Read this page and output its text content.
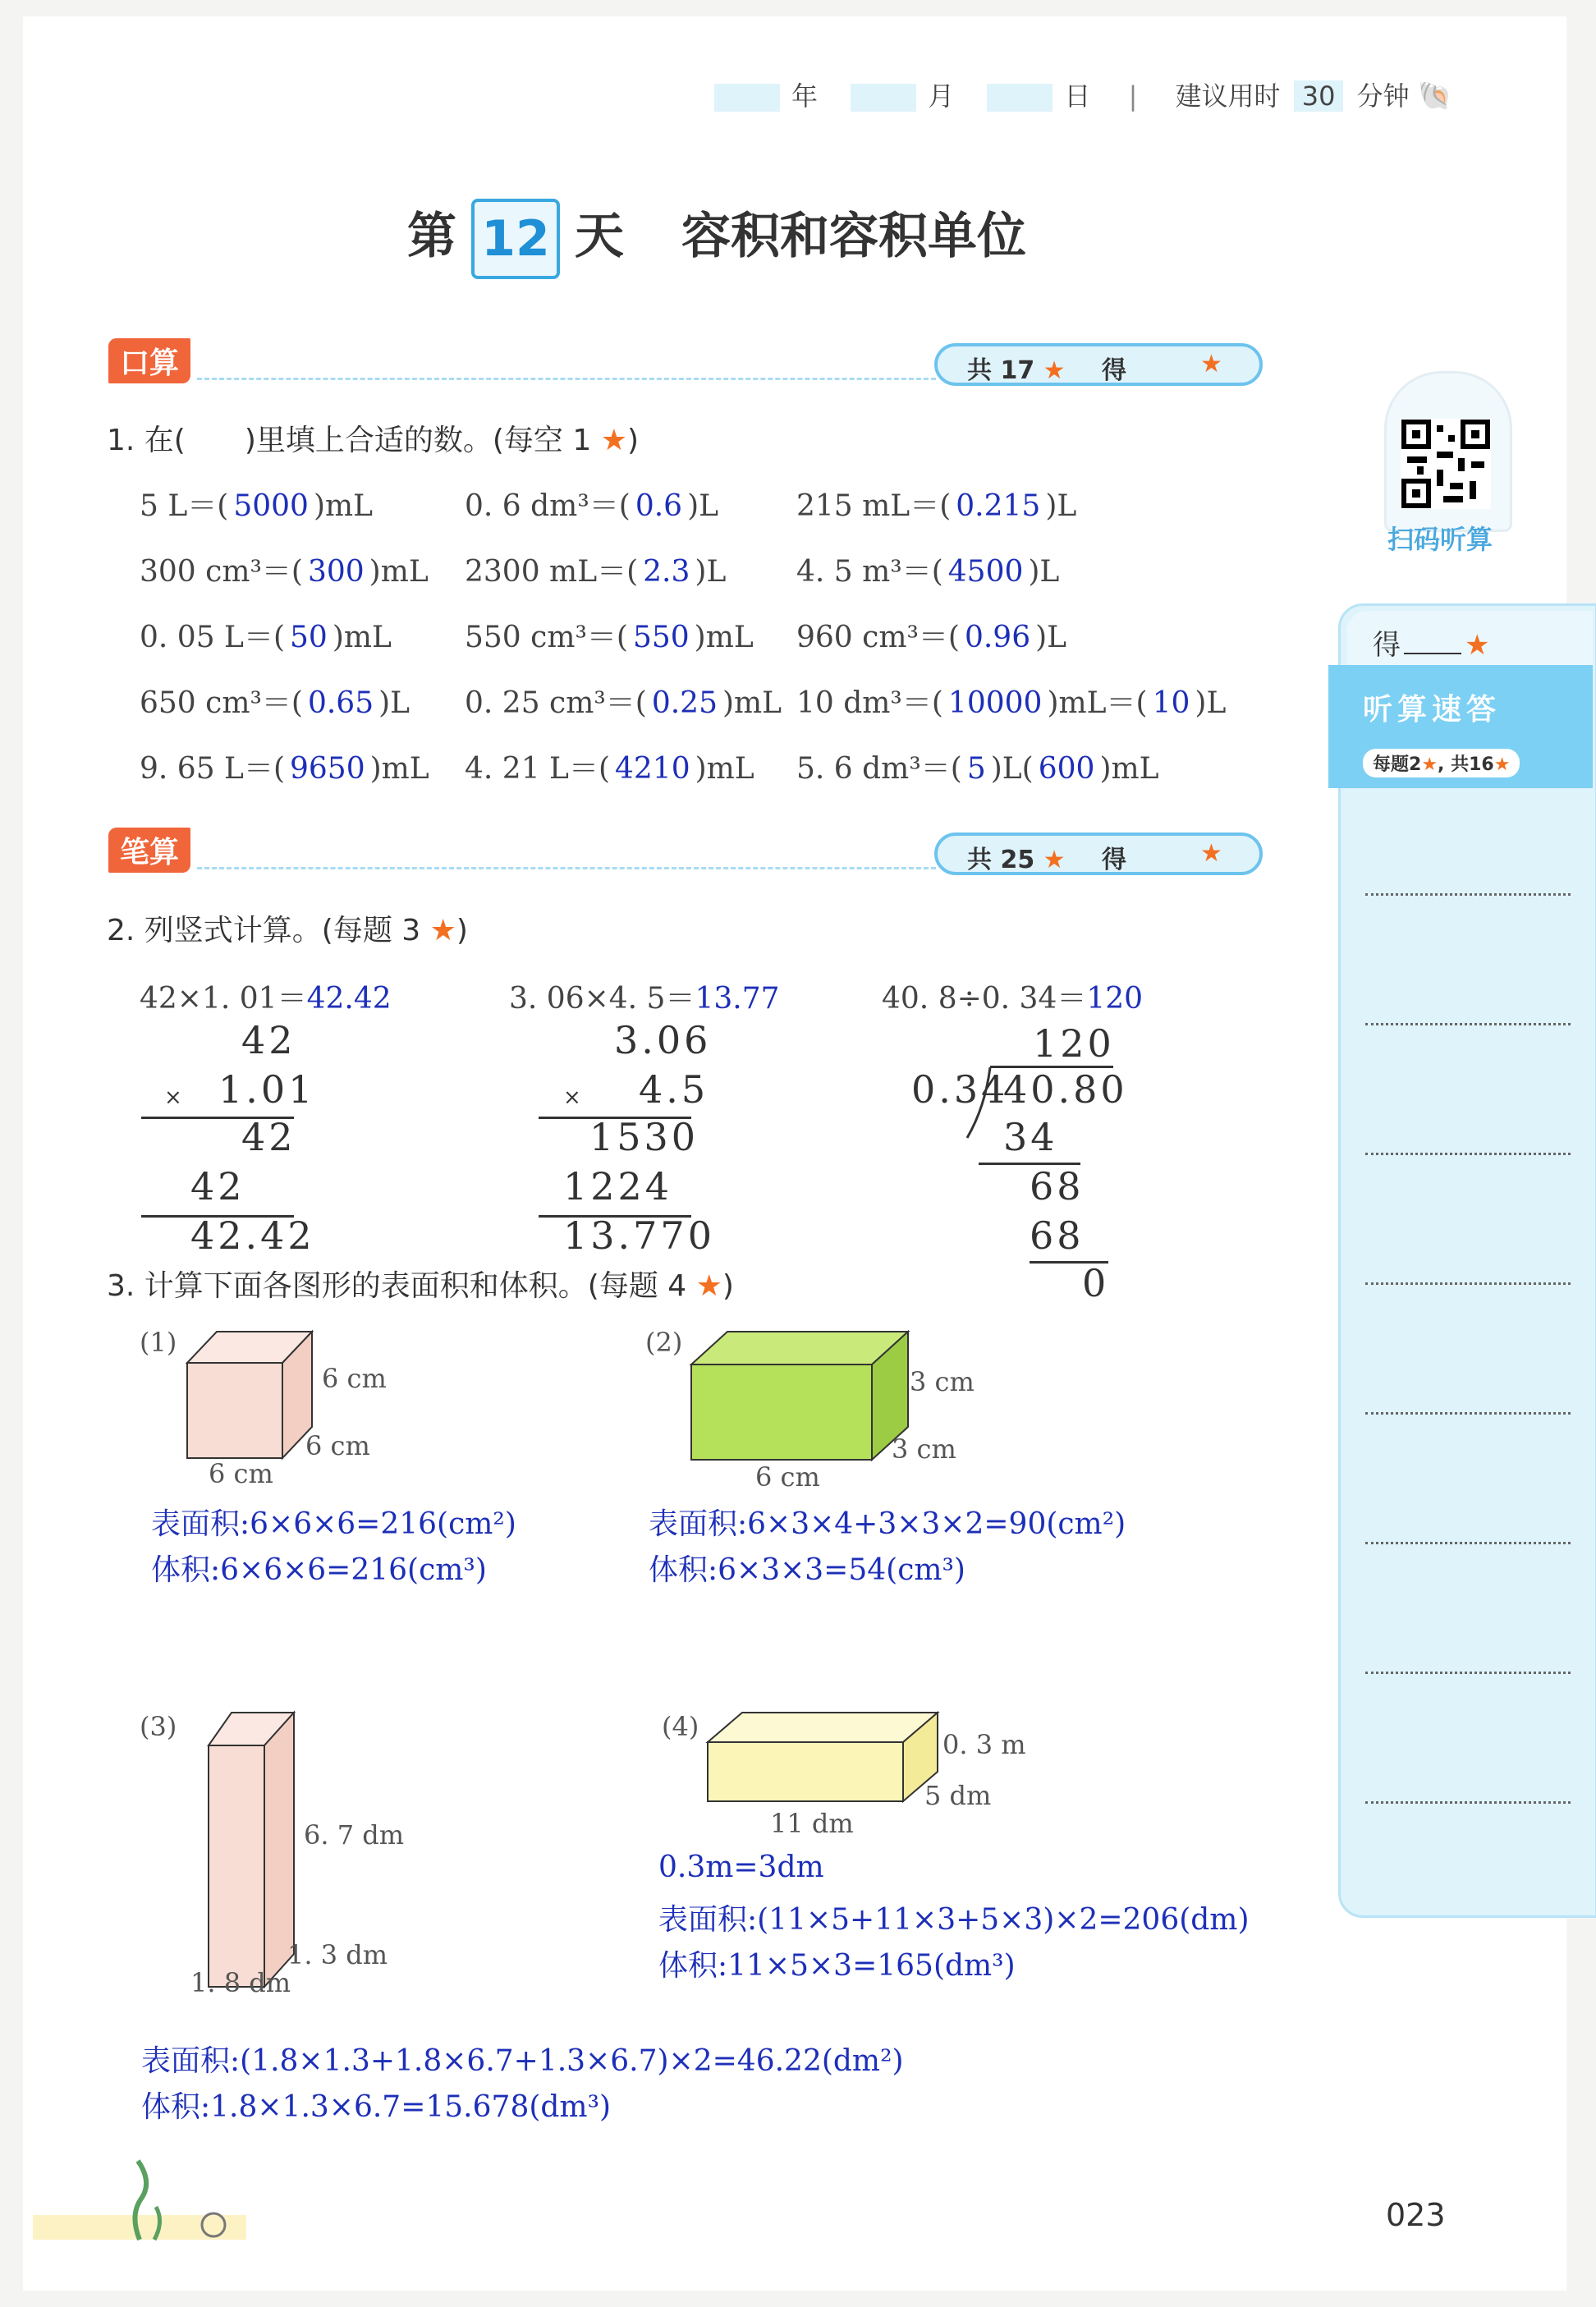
年	月	日 | 建议用时 30 分钟 🐚
第 12 天 容积和容积单位
口算	共 17 ★ 得	★
1. 在(　　)里填上合适的数。(每空 1 ★)
5 L＝( 5000 )mL	0. 6 dm³＝( 0.6 )L	215 mL＝( 0.215 )L
300 cm³＝( 300 )mL 2300 mL＝( 2.3 )L 4. 5 m³＝( 4500 )L
0. 05 L＝( 50 )mL 550 cm³＝( 550 )mL 960 cm³＝( 0.96 )L
650 cm³＝( 0.65 )L 0. 25 cm³＝( 0.25 )mL 10 dm³＝( 10000 )mL＝( 10 )L
9. 65 L＝( 9650 )mL 4. 21 L＝( 4210 )mL 5. 6 dm³＝( 5 )L( 600 )mL
笔算	共 25 ★ 得	★
2. 列竖式计算。(每题 3 ★)
42×1. 01＝42.42
42
× 1.01
42
42
42.42
3. 06×4. 5＝13.77
3.06
× 4.5
1530
1224
13.770
40. 8÷0. 34＝120
120
0.34
40.80
34
68
68
0
3. 计算下面各图形的表面积和体积。(每题 4 ★)
(1)
6 cm
6 cm
6 cm
表面积:6×6×6=216(cm²)
体积:6×6×6=216(cm³)
(2)
3 cm
3 cm
6 cm
表面积:6×3×4+3×3×2=90(cm²)
体积:6×3×3=54(cm³)
(3)
6. 7 dm
1. 3 dm
1. 8 dm
(4)
0. 3 m
5 dm
11 dm
0.3m=3dm
表面积:(11×5+11×3+5×3)×2=206(dm)
体积:11×5×3=165(dm³)
表面积:(1.8×1.3+1.8×6.7+1.3×6.7)×2=46.22(dm²)
体积:1.8×1.3×6.7=15.678(dm³)
扫码听算
得 ★
听算速答
每题2★, 共16★
023
